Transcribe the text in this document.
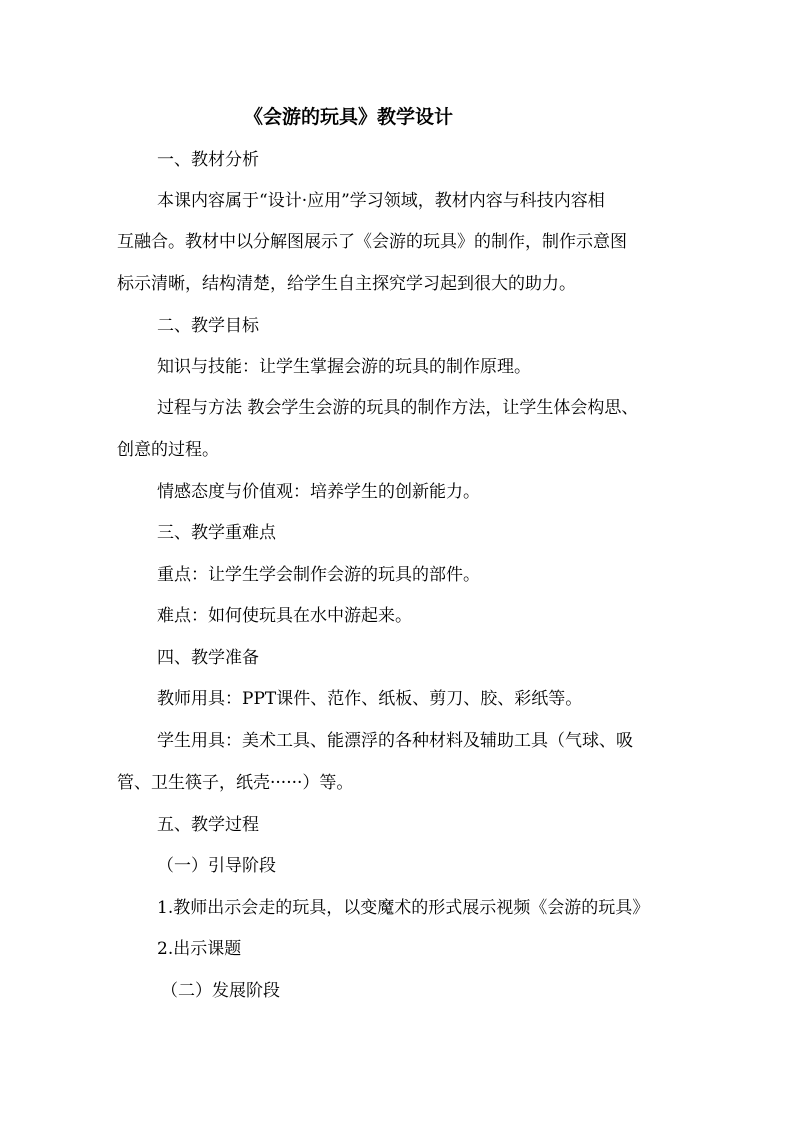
《会游的玩具》教学设计
一、教材分析
本课内容属于“设计·应用”学习领域，教材内容与科技内容相
互融合。教材中以分解图展示了《会游的玩具》的制作，制作示意图
标示清晰，结构清楚，给学生自主探究学习起到很大的助力。
二、教学目标
知识与技能：让学生掌握会游的玩具的制作原理。
过程与方法 教会学生会游的玩具的制作方法，让学生体会构思、
创意的过程。
情感态度与价值观：培养学生的创新能力。
三、教学重难点
重点：让学生学会制作会游的玩具的部件。
难点：如何使玩具在水中游起来。
四、教学准备
教师用具：PPT课件、范作、纸板、剪刀、胶、彩纸等。
学生用具：美术工具、能漂浮的各种材料及辅助工具（气球、吸
管、卫生筷子，纸壳······）等。
五、教学过程
（一）引导阶段
1.教师出示会走的玩具，以变魔术的形式展示视频《会游的玩具》
2.出示课题
（二）发展阶段
